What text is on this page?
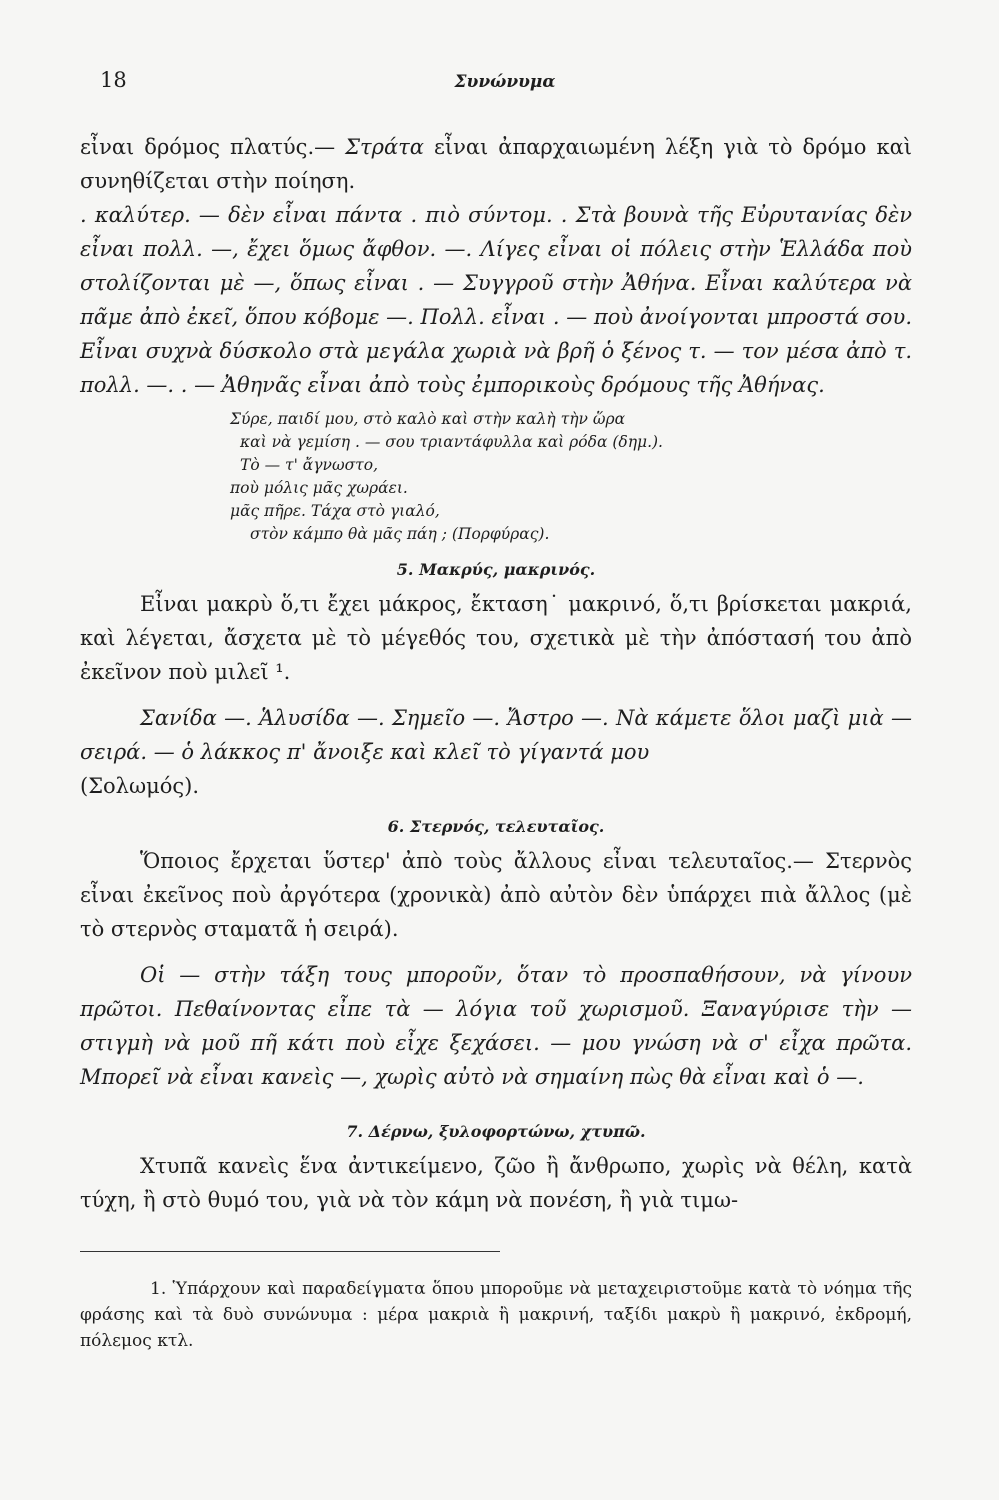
18	Συνώνυμα

εἶναι δρόμος πλατύς.— Στράτα εἶναι ἀπαρχαιωμένη λέξη γιὰ τὸ δρόμο καὶ συνηθίζεται στὴν ποίηση.

. καλύτερ. — δὲν εἶναι πάντα . πιὸ σύντομ. . Στὰ βουνὰ τῆς Εὐρυτανίας δὲν εἶναι πολλ. —, ἔχει ὅμως ἄφθον. —. Λίγες εἶναι οἱ πόλεις στὴν Ἑλλάδα ποὺ στολίζονται μὲ —, ὅπως εἶναι . — Συγγροῦ στὴν Ἀθήνα. Εἶναι καλύτερα νὰ πᾶμε ἀπὸ ἐκεῖ, ὅπου κόβομε —. Πολλ. εἶναι . — ποὺ ἀνοίγονται μπροστά σου. Εἶναι συχνὰ δύσκολο στὰ μεγάλα χωριὰ νὰ βρῆ ὁ ξένος τ. — τον μέσα ἀπὸ τ. πολλ. —. . — Ἀθηνᾶς εἶναι ἀπὸ τοὺς ἐμπορικοὺς δρόμους τῆς Ἀθήνας.

Σύρε, παιδί μου, στὸ καλὸ καὶ στὴν καλὴ τὴν ὥρα
καὶ νὰ γεμίση . — σου τριαντάφυλλα καὶ ρόδα (δημ.).
Τὸ — τ' ἄγνωστο,
ποὺ μόλις μᾶς χωράει.
μᾶς πῆρε. Τάχα στὸ γιαλό,
στὸν κάμπο θὰ μᾶς πάη ; (Πορφύρας).
5. Μακρύς, μακρινός.

Εἶναι μακρὺ ὅ,τι ἔχει μάκρος, ἔκταση˙ μακρινό, ὅ,τι βρίσκεται μακριά, καὶ λέγεται, ἄσχετα μὲ τὸ μέγεθός του, σχετικὰ μὲ τὴν ἀπόστασή του ἀπὸ ἐκεῖνον ποὺ μιλεῖ ¹.

Σανίδα —. Ἁλυσίδα —. Σημεῖο —. Ἄστρο —. Νὰ κάμετε ὅλοι μαζὶ μιὰ — σειρά. — ὁ λάκκος π' ἄνοιξε καὶ κλεῖ τὸ γίγαντά μου

(Σολωμός).

6. Στερνός, τελευταῖος.

Ὅποιος ἔρχεται ὕστερ' ἀπὸ τοὺς ἄλλους εἶναι τελευταῖος.— Στερνὸς εἶναι ἐκεῖνος ποὺ ἀργότερα (χρονικὰ) ἀπὸ αὐτὸν δὲν ὑπάρχει πιὰ ἄλλος (μὲ τὸ στερνὸς σταματᾶ ἡ σειρά).

Οἱ — στὴν τάξη τους μποροῦν, ὅταν τὸ προσπαθήσουν, νὰ γίνουν πρῶτοι. Πεθαίνοντας εἶπε τὰ — λόγια τοῦ χωρισμοῦ. Ξαναγύρισε τὴν — στιγμὴ νὰ μοῦ πῆ κάτι ποὺ εἶχε ξεχάσει. — μου γνώση νὰ σ' εἶχα πρῶτα. Μπορεῖ νὰ εἶναι κανεὶς —, χωρὶς αὐτὸ νὰ σημαίνη πὼς θὰ εἶναι καὶ ὁ —.

7. Δέρνω, ξυλοφορτώνω, χτυπῶ.

Χτυπᾶ κανεὶς ἕνα ἀντικείμενο, ζῶο ἢ ἄνθρωπο, χωρὶς νὰ θέλη, κατὰ τύχη, ἢ στὸ θυμό του, γιὰ νὰ τὸν κάμη νὰ πονέση, ἢ γιὰ τιμω-

1. Ὑπάρχουν καὶ παραδείγματα ὅπου μποροῦμε νὰ μεταχειριστοῦμε κατὰ τὸ νόημα τῆς φράσης καὶ τὰ δυὸ συνώνυμα : μέρα μακριὰ ἢ μακρινή, ταξίδι μακρὺ ἢ μακρινό, ἐκδρομή, πόλεμος κτλ.
